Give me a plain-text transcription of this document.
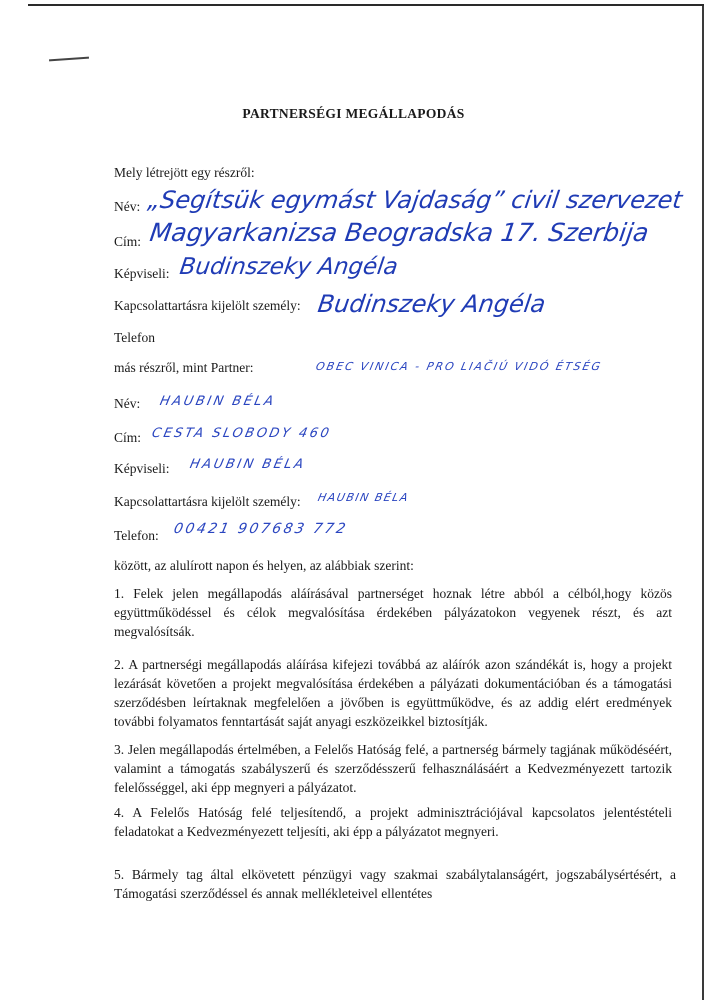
PARTNERSÉGI MEGÁLLAPODÁS
Mely létrejött egy részről:
Név: „Segítsük egymást Vajdaság” civil szervezet
Cím: Magyarkanizsa Beogradska 17. Szerbija
Képviseli: Budinszeky Angéla
Kapcsolattartásra kijelölt személy: Budinszeky Angéla
Telefon
más részről, mint Partner:	OBEC VINICA - PRO LIAČIÚ VIDÓ ÉTSÉG
Név: HAUBIN BÉLA
Cím: CESTA SLOBODY 460
Képviseli: HAUBIN BÉLA
Kapcsolattartásra kijelölt személy: HAUBIN BÉLA
Telefon: 00421 907683 772
között, az alulírott napon és helyen, az alábbiak szerint:
1. Felek jelen megállapodás aláírásával partnerséget hoznak létre abból a célból,hogy közös együttműködéssel és célok megvalósítása érdekében pályázatokon vegyenek részt, és azt megvalósítsák.
2. A partnerségi megállapodás aláírása kifejezi továbbá az aláírók azon szándékát is, hogy a projekt lezárását követően a projekt megvalósítása érdekében a pályázati dokumentációban és a támogatási szerződésben leírtaknak megfelelően a jövőben is együttműködve, és az addig elért eredmények további folyamatos fenntartását saját anyagi eszközeikkel biztosítják.
3. Jelen megállapodás értelmében, a Felelős Hatóság felé, a partnerség bármely tagjának működéséért, valamint a támogatás szabályszerű és szerződésszerű felhasználásáért a Kedvezményezett tartozik felelősséggel, aki épp megnyeri a pályázatot.
4. A Felelős Hatóság felé teljesítendő, a projekt adminisztrációjával kapcsolatos jelentéstételi feladatokat a Kedvezményezett teljesíti, aki épp a pályázatot megnyeri.
5. Bármely tag által elkövetett pénzügyi vagy szakmai szabálytalanságért, jogszabálysértésért, a Támogatási szerződéssel és annak mellékleteivel ellentétes
